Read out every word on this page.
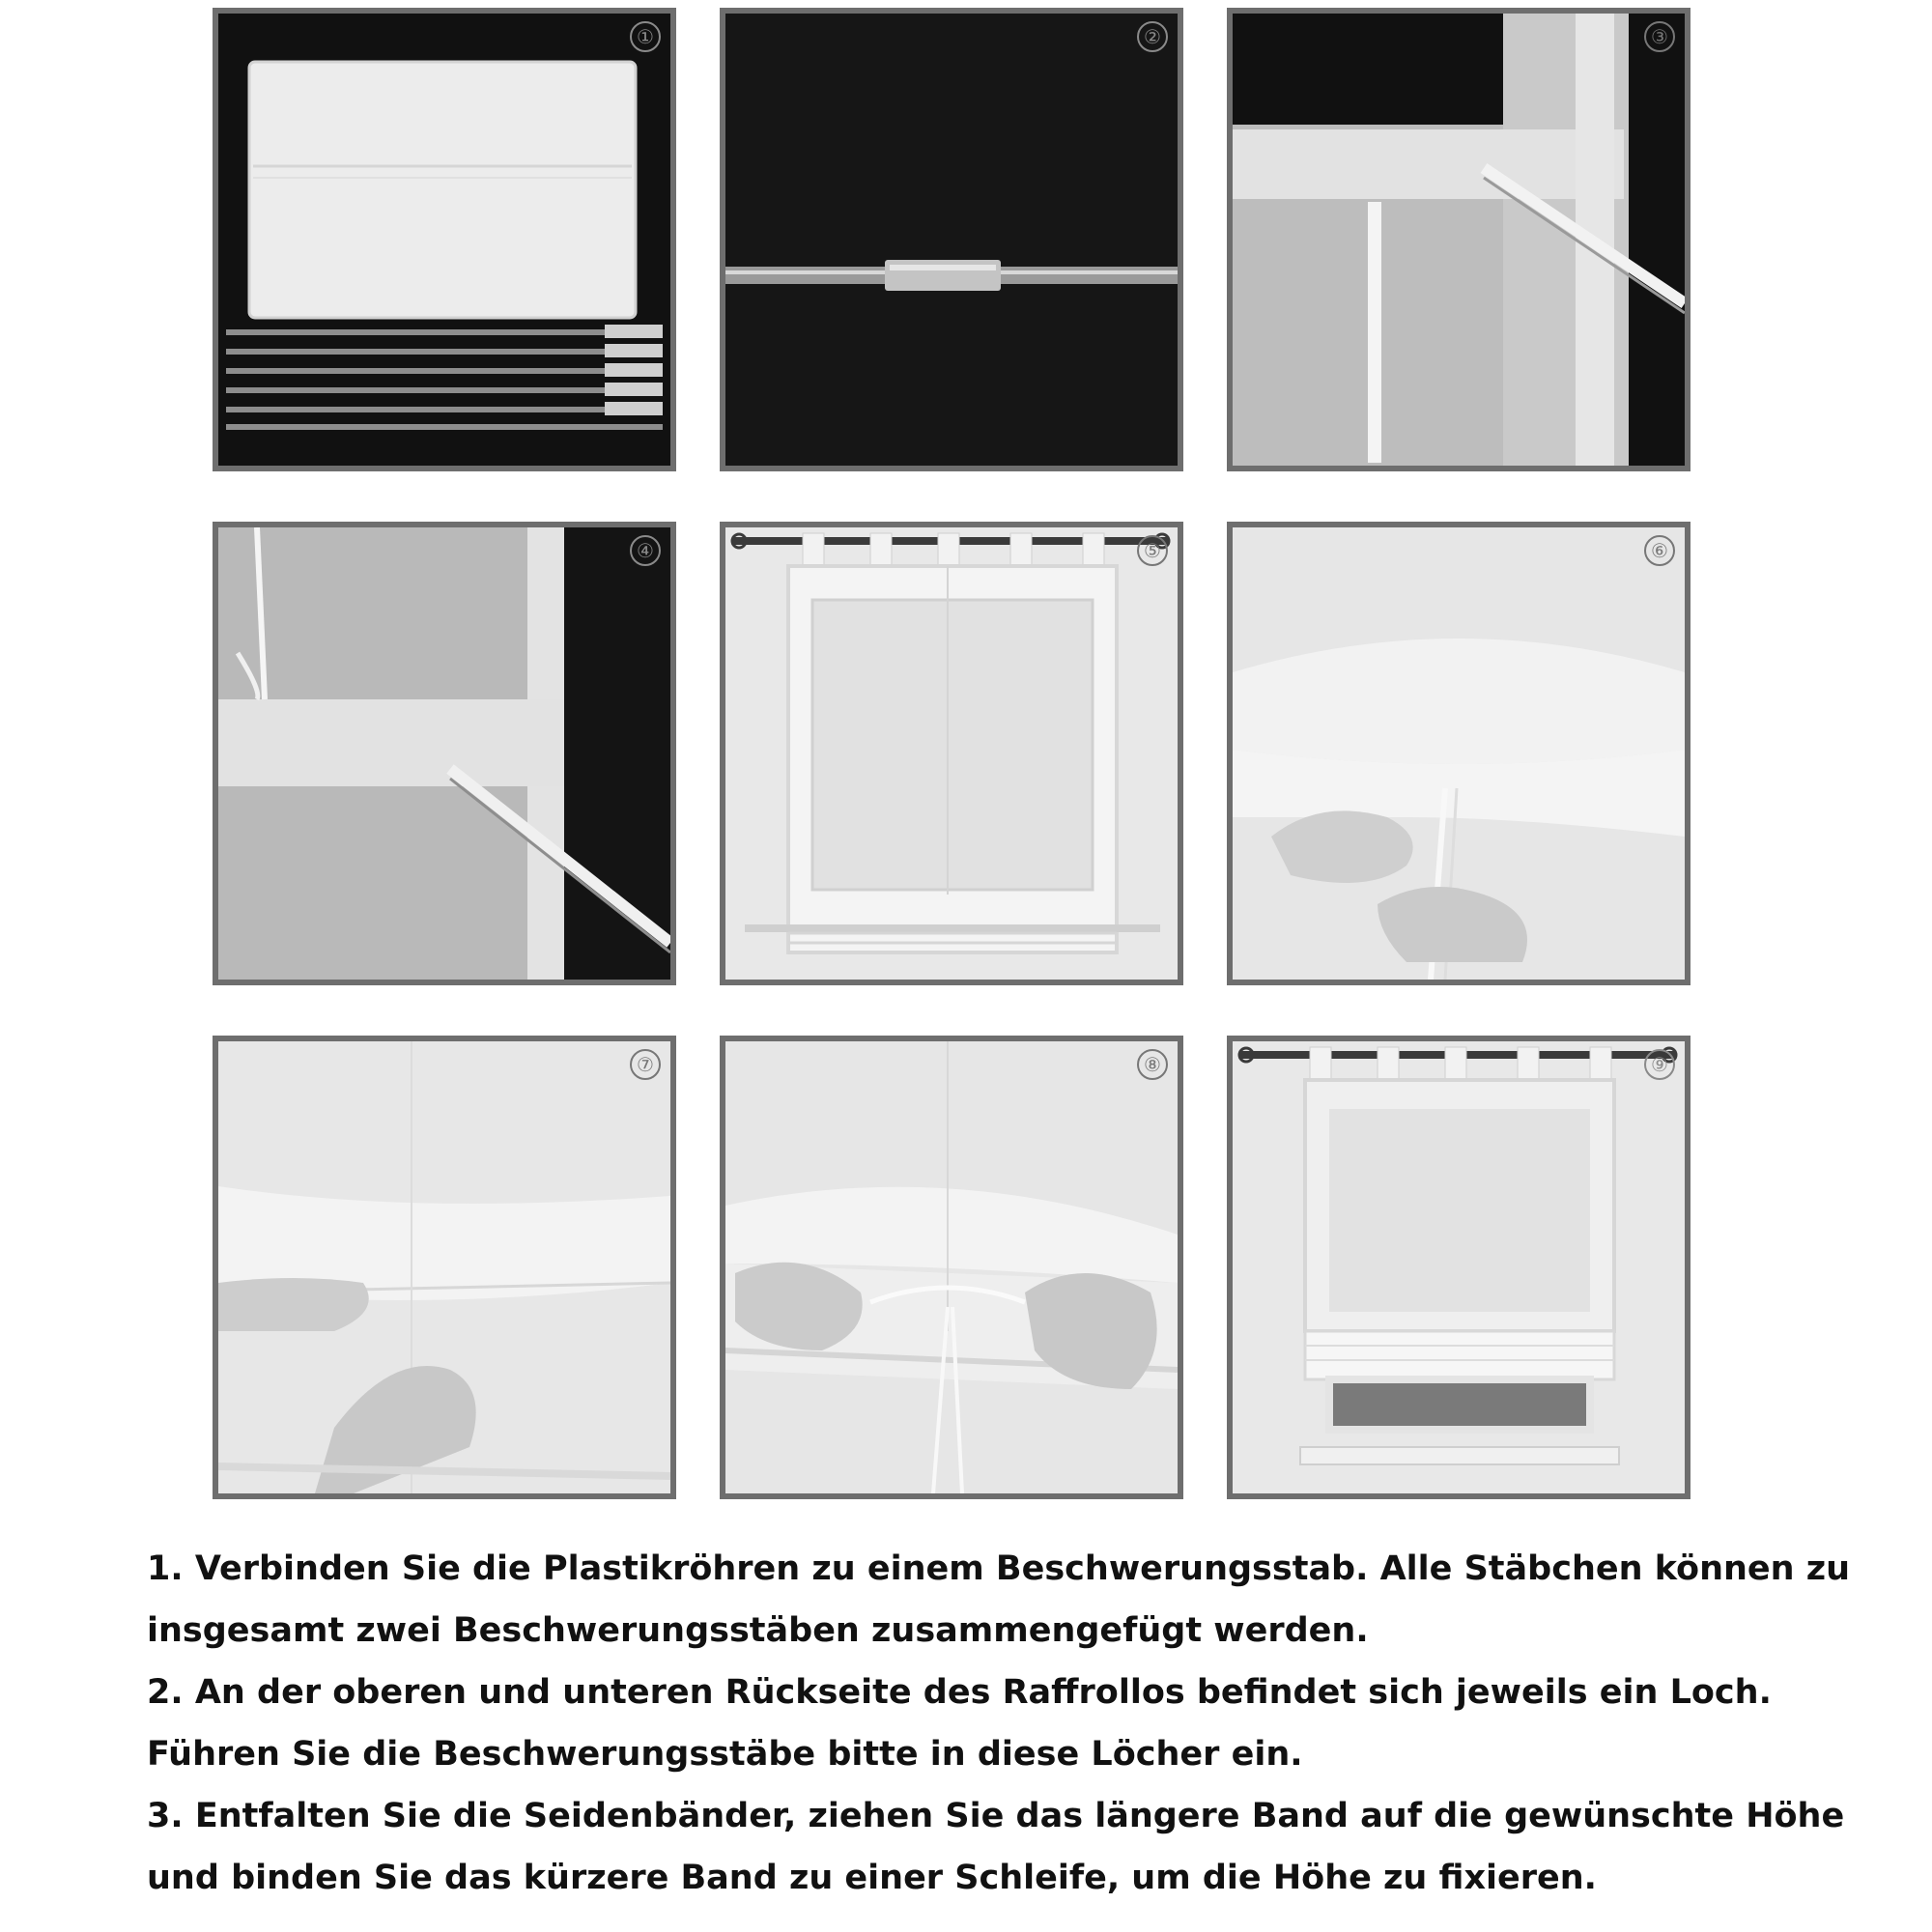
①	②	③
④	⑤	⑥
⑦	⑧	⑨

1. Verbinden Sie die Plastikröhren zu einem Beschwerungsstab. Alle Stäbchen können zu insgesamt zwei Beschwerungsstäben zusammengefügt werden.

2. An der oberen und unteren Rückseite des Raffrollos befindet sich jeweils ein Loch. Führen Sie die Beschwerungsstäbe bitte in diese Löcher ein.

3. Entfalten Sie die Seidenbänder, ziehen Sie das längere Band auf die gewünschte Höhe und binden Sie das kürzere Band zu einer Schleife, um die Höhe zu fixieren.
